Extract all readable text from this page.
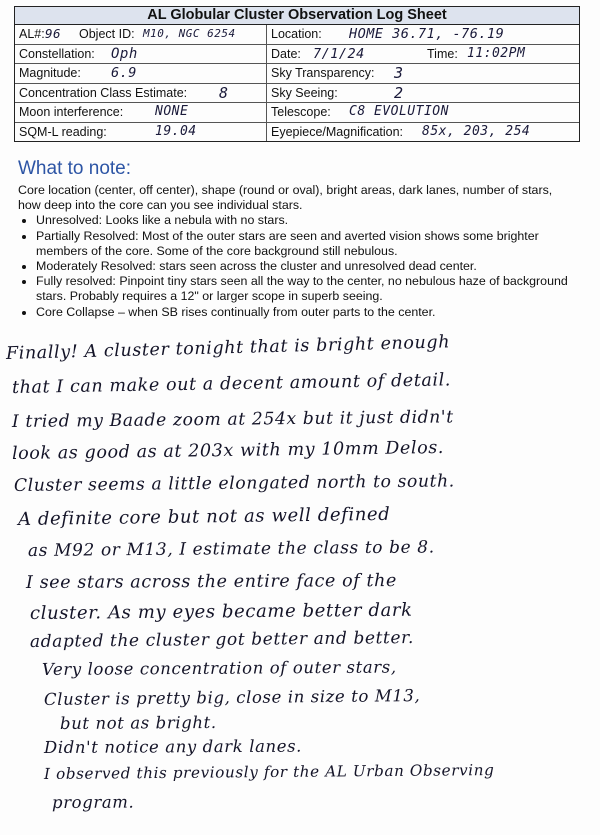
AL Globular Cluster Observation Log Sheet
AL#: 96 Object ID: M10, NGC 6254	Location: HOME 36.71, -76.19
Constellation: Oph	Date: 7/1/24	Time: 11:02PM
Magnitude: 6.9	Sky Transparency: 3
Concentration Class Estimate: 8	Sky Seeing:	2
Moon interference: NONE	Telescope: C8 EVOLUTION
SQM-L reading:	19.04	Eyepiece/Magnification: 85x, 203, 254
What to note:
Core location (center, off center), shape (round or oval), bright areas, dark lanes, number of stars, how deep into the core can you see individual stars.
• Unresolved: Looks like a nebula with no stars.
• Partially Resolved: Most of the outer stars are seen and averted vision shows some brighter members of the core. Some of the core background still nebulous.
• Moderately Resolved: stars seen across the cluster and unresolved dead center.
• Fully resolved: Pinpoint tiny stars seen all the way to the center, no nebulous haze of background stars. Probably requires a 12" or larger scope in superb seeing.
• Core Collapse – when SB rises continually from outer parts to the center.
Finally! A cluster tonight that is bright enough
that I can make out a decent amount of detail.
I tried my Baade zoom at 254x but it just didn't
look as good as at 203x with my 10mm Delos.
Cluster seems a little elongated north to south.
A definite core but not as well defined
as M92 or M13, I estimate the class to be 8.
I see stars across the entire face of the
cluster. As my eyes became better dark
adapted the cluster got better and better.
Very loose concentration of outer stars,
Cluster is pretty big, close in size to M13,
but not as bright.
Didn't notice any dark lanes.
I observed this previously for the AL Urban Observing
program.
